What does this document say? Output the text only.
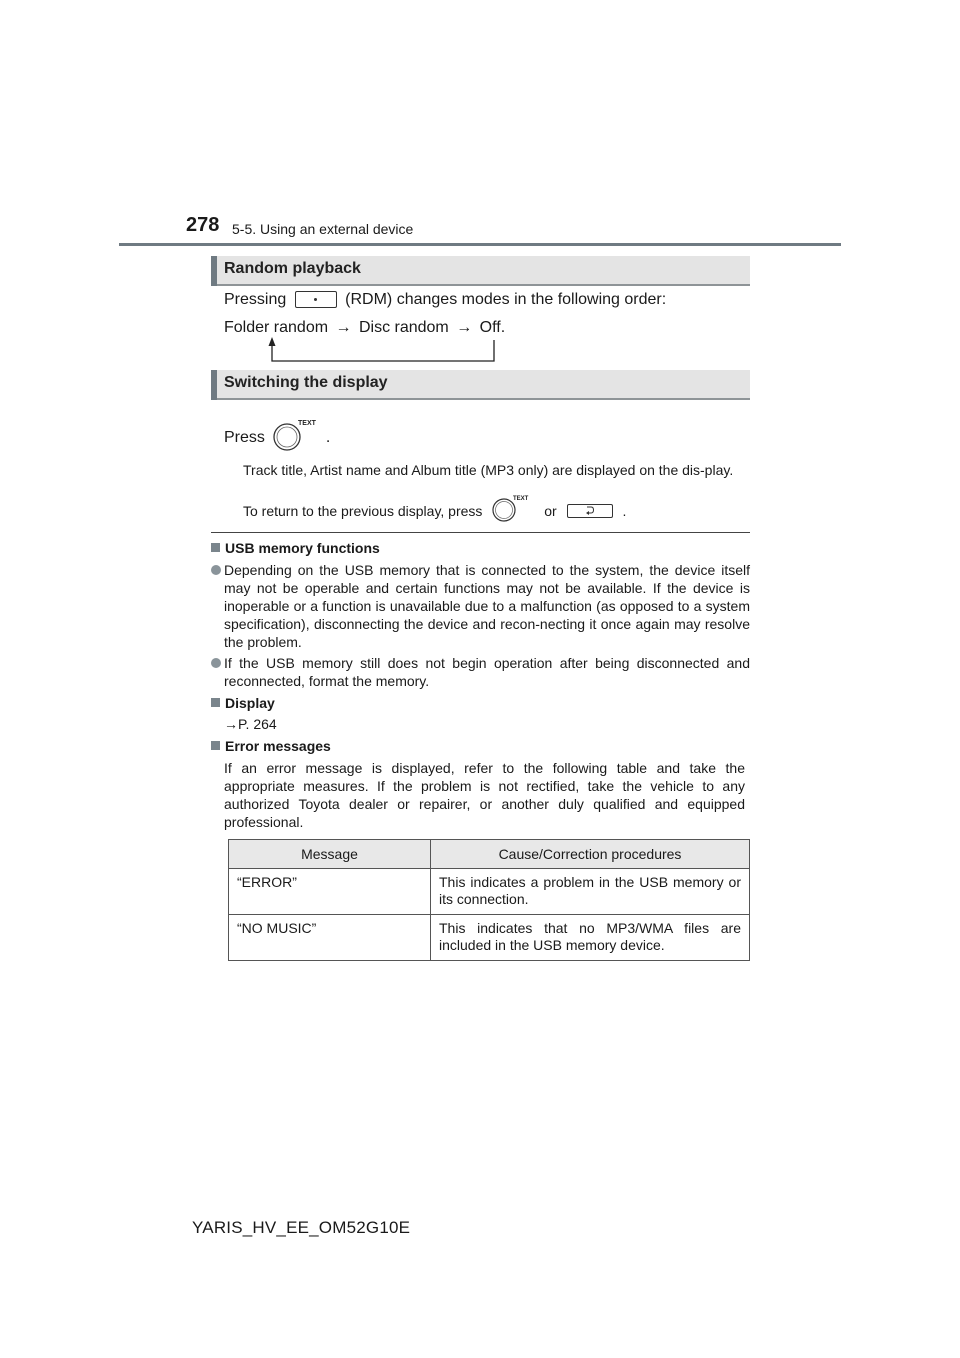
278 5-5. Using an external device
Random playback
Pressing	(RDM) changes modes in the following order:
Folder random → Disc random → Off.
Switching the display
Press
TEXT
.
Track title, Artist name and Album title (MP3 only) are displayed on the dis-play.
To return to the previous display, press
TEXT
or	.
USB memory functions
Depending on the USB memory that is connected to the system, the device itself may not be operable and certain functions may not be available. If the device is inoperable or a function is unavailable due to a malfunction (as opposed to a system specification), disconnecting the device and recon-necting it once again may resolve the problem.
If the USB memory still does not begin operation after being disconnected and reconnected, format the memory.
Display
→P. 264
Error messages
If an error message is displayed, refer to the following table and take the appropriate measures. If the problem is not rectified, take the vehicle to any authorized Toyota dealer or repairer, or another duly qualified and equipped professional.
Message	Cause/Correction procedures
“ERROR”	This indicates a problem in the USB memory or its connection.
“NO MUSIC”	This indicates that no MP3/WMA files are included in the USB memory device.
YARIS_HV_EE_OM52G10E
